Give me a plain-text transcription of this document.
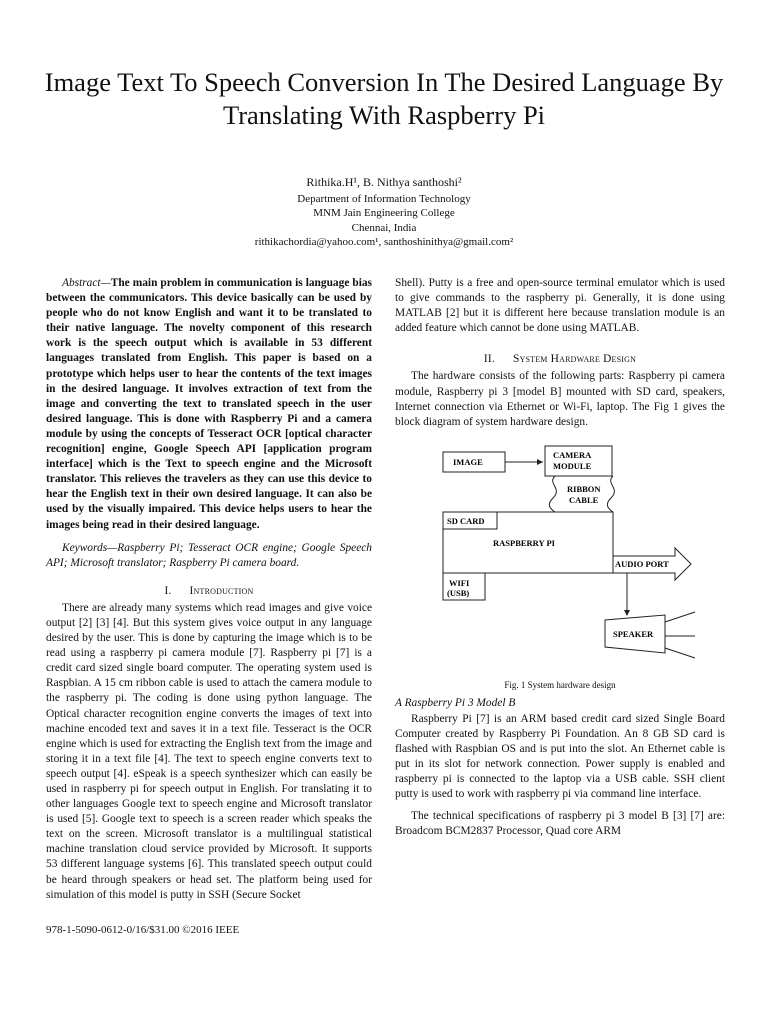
Image Text To Speech Conversion In The Desired Language By Translating With Raspberry Pi
Rithika.H¹, B. Nithya santhoshi²
Department of Information Technology
MNM Jain Engineering College
Chennai, India
rithikachordia@yahoo.com¹, santhoshinithya@gmail.com²

Abstract—The main problem in communication is language bias between the communicators. This device basically can be used by people who do not know English and want it to be translated to their native language. The novelty component of this research work is the speech output which is available in 53 different languages translated from English. This paper is based on a prototype which helps user to hear the contents of the text images in the desired language. It involves extraction of text from the image and converting the text to translated speech in the user desired language. This is done with Raspberry Pi and a camera module by using the concepts of Tesseract OCR [optical character recognition] engine, Google Speech API [application program interface] which is the Text to speech engine and the Microsoft translator. This relieves the travelers as they can use this device to hear the English text in their own desired language. It can also be used by the visually impaired. This device helps users to hear the images being read in their desired language.

Keywords—Raspberry Pi; Tesseract OCR engine; Google Speech API; Microsoft translator; Raspberry Pi camera board.

I. Introduction

There are already many systems which read images and give voice output [2] [3] [4]. But this system gives voice output in any language desired by the user. This is done by capturing the image which is to be read using a raspberry pi camera module [7]. Raspberry pi [7] is a credit card sized single board computer. The operating system used is Raspbian. A 15 cm ribbon cable is used to attach the camera module to the raspberry pi. The coding is done using python language. The Optical character recognition engine converts the images of text into machine encoded text and saves it in a text file. Tesseract is the OCR engine which is used for extracting the English text from the image and storing it in a text file [4]. The text to speech engine converts text to speech output [4]. eSpeak is a speech synthesizer which can easily be used in raspberry pi for speech output in English. For translating it to other languages Google text to speech engine and Microsoft translator is used [5]. Google text to speech is a screen reader which speaks the text on the screen. Microsoft translator is a multilingual statistical machine translation cloud service provided by Microsoft. It supports 53 different language systems [6]. This translated speech output could be heard through speakers or head set. The platform being used for simulation of this model is putty in SSH (Secure Socket

Shell). Putty is a free and open-source terminal emulator which is used to give commands to the raspberry pi. Generally, it is done using MATLAB [2] but it is different here because translation module is an added feature which cannot be done using MATLAB.

II. System Hardware Design

The hardware consists of the following parts: Raspberry pi camera module, Raspberry pi 3 [model B] mounted with SD card, speakers, Internet connection via Ethernet or Wi-Fi, laptop. The Fig 1 gives the block diagram of system hardware design.

IMAGE
CAMERA
MODULE
RIBBON
CABLE
SD CARD
RASPBERRY PI
AUDIO PORT
WIFI
(USB)
SPEAKER
Fig. 1 System hardware design
A Raspberry Pi 3 Model B

Raspberry Pi [7] is an ARM based credit card sized Single Board Computer created by Raspberry Pi Foundation. An 8 GB SD card is flashed with Raspbian OS and is put into the slot. An Ethernet cable is put in its slot for network connection. Power supply is enabled and raspberry pi is connected to the laptop via a USB cable. SSH client putty is used to work with raspberry pi via command line interface.

The technical specifications of raspberry pi 3 model B [3] [7] are: Broadcom BCM2837 Processor, Quad core ARM

978-1-5090-0612-0/16/$31.00 ©2016 IEEE
